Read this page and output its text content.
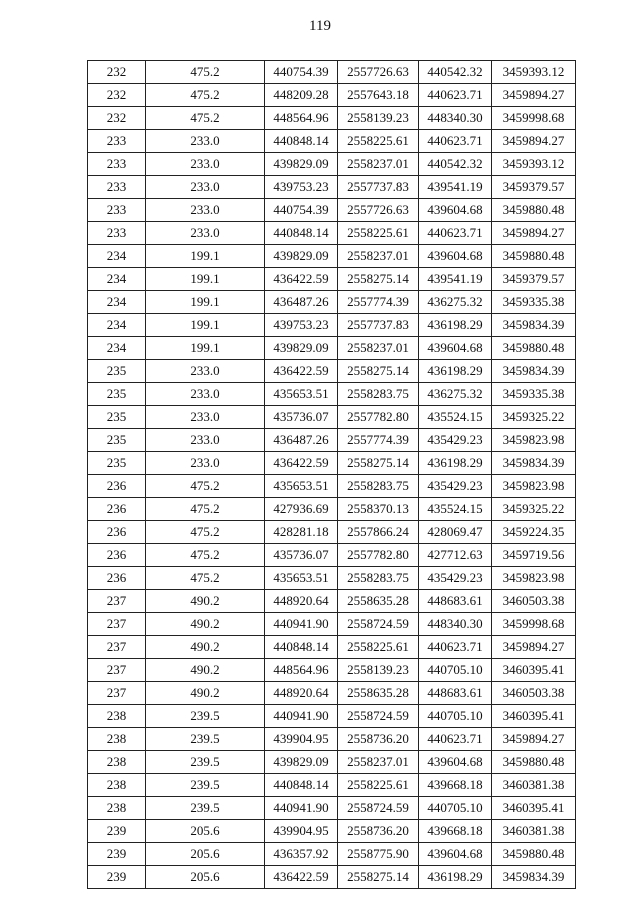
119
232	475.2	440754.39	2557726.63	440542.32	3459393.12
232	475.2	448209.28	2557643.18	440623.71	3459894.27
232	475.2	448564.96	2558139.23	448340.30	3459998.68
233	233.0	440848.14	2558225.61	440623.71	3459894.27
233	233.0	439829.09	2558237.01	440542.32	3459393.12
233	233.0	439753.23	2557737.83	439541.19	3459379.57
233	233.0	440754.39	2557726.63	439604.68	3459880.48
233	233.0	440848.14	2558225.61	440623.71	3459894.27
234	199.1	439829.09	2558237.01	439604.68	3459880.48
234	199.1	436422.59	2558275.14	439541.19	3459379.57
234	199.1	436487.26	2557774.39	436275.32	3459335.38
234	199.1	439753.23	2557737.83	436198.29	3459834.39
234	199.1	439829.09	2558237.01	439604.68	3459880.48
235	233.0	436422.59	2558275.14	436198.29	3459834.39
235	233.0	435653.51	2558283.75	436275.32	3459335.38
235	233.0	435736.07	2557782.80	435524.15	3459325.22
235	233.0	436487.26	2557774.39	435429.23	3459823.98
235	233.0	436422.59	2558275.14	436198.29	3459834.39
236	475.2	435653.51	2558283.75	435429.23	3459823.98
236	475.2	427936.69	2558370.13	435524.15	3459325.22
236	475.2	428281.18	2557866.24	428069.47	3459224.35
236	475.2	435736.07	2557782.80	427712.63	3459719.56
236	475.2	435653.51	2558283.75	435429.23	3459823.98
237	490.2	448920.64	2558635.28	448683.61	3460503.38
237	490.2	440941.90	2558724.59	448340.30	3459998.68
237	490.2	440848.14	2558225.61	440623.71	3459894.27
237	490.2	448564.96	2558139.23	440705.10	3460395.41
237	490.2	448920.64	2558635.28	448683.61	3460503.38
238	239.5	440941.90	2558724.59	440705.10	3460395.41
238	239.5	439904.95	2558736.20	440623.71	3459894.27
238	239.5	439829.09	2558237.01	439604.68	3459880.48
238	239.5	440848.14	2558225.61	439668.18	3460381.38
238	239.5	440941.90	2558724.59	440705.10	3460395.41
239	205.6	439904.95	2558736.20	439668.18	3460381.38
239	205.6	436357.92	2558775.90	439604.68	3459880.48
239	205.6	436422.59	2558275.14	436198.29	3459834.39
